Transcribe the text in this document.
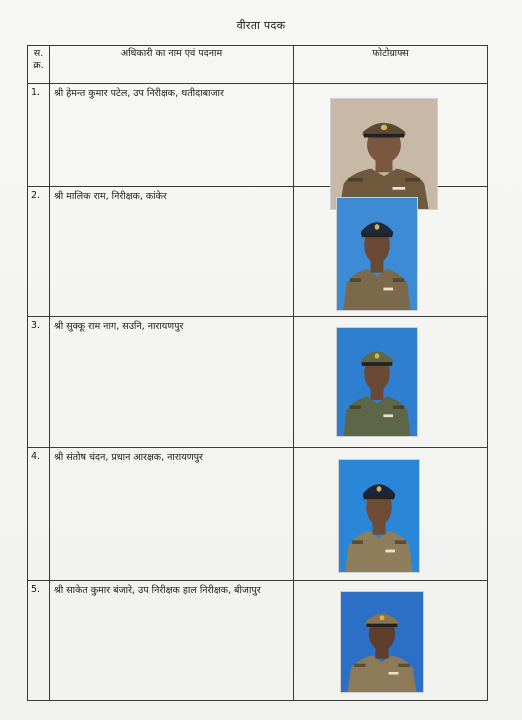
वीरता पदक
स. क्र.	अधिकारी का नाम एवं पदनाम	फोटोग्राफ्स
1.	श्री हेमन्त कुमार पटेल, उप निरीक्षक, थतीदाबाजार	

2.	श्री मालिक राम, निरीक्षक, कांकेर	

3.	श्री सुक्कू राम नाग, सउनि, नारायणपुर	

4.	श्री संतोष चंदन, प्रधान आरक्षक, नारायणपुर	

5.	श्री साकेत कुमार बंजारे, उप निरीक्षक हाल निरीक्षक, बीजापुर	
